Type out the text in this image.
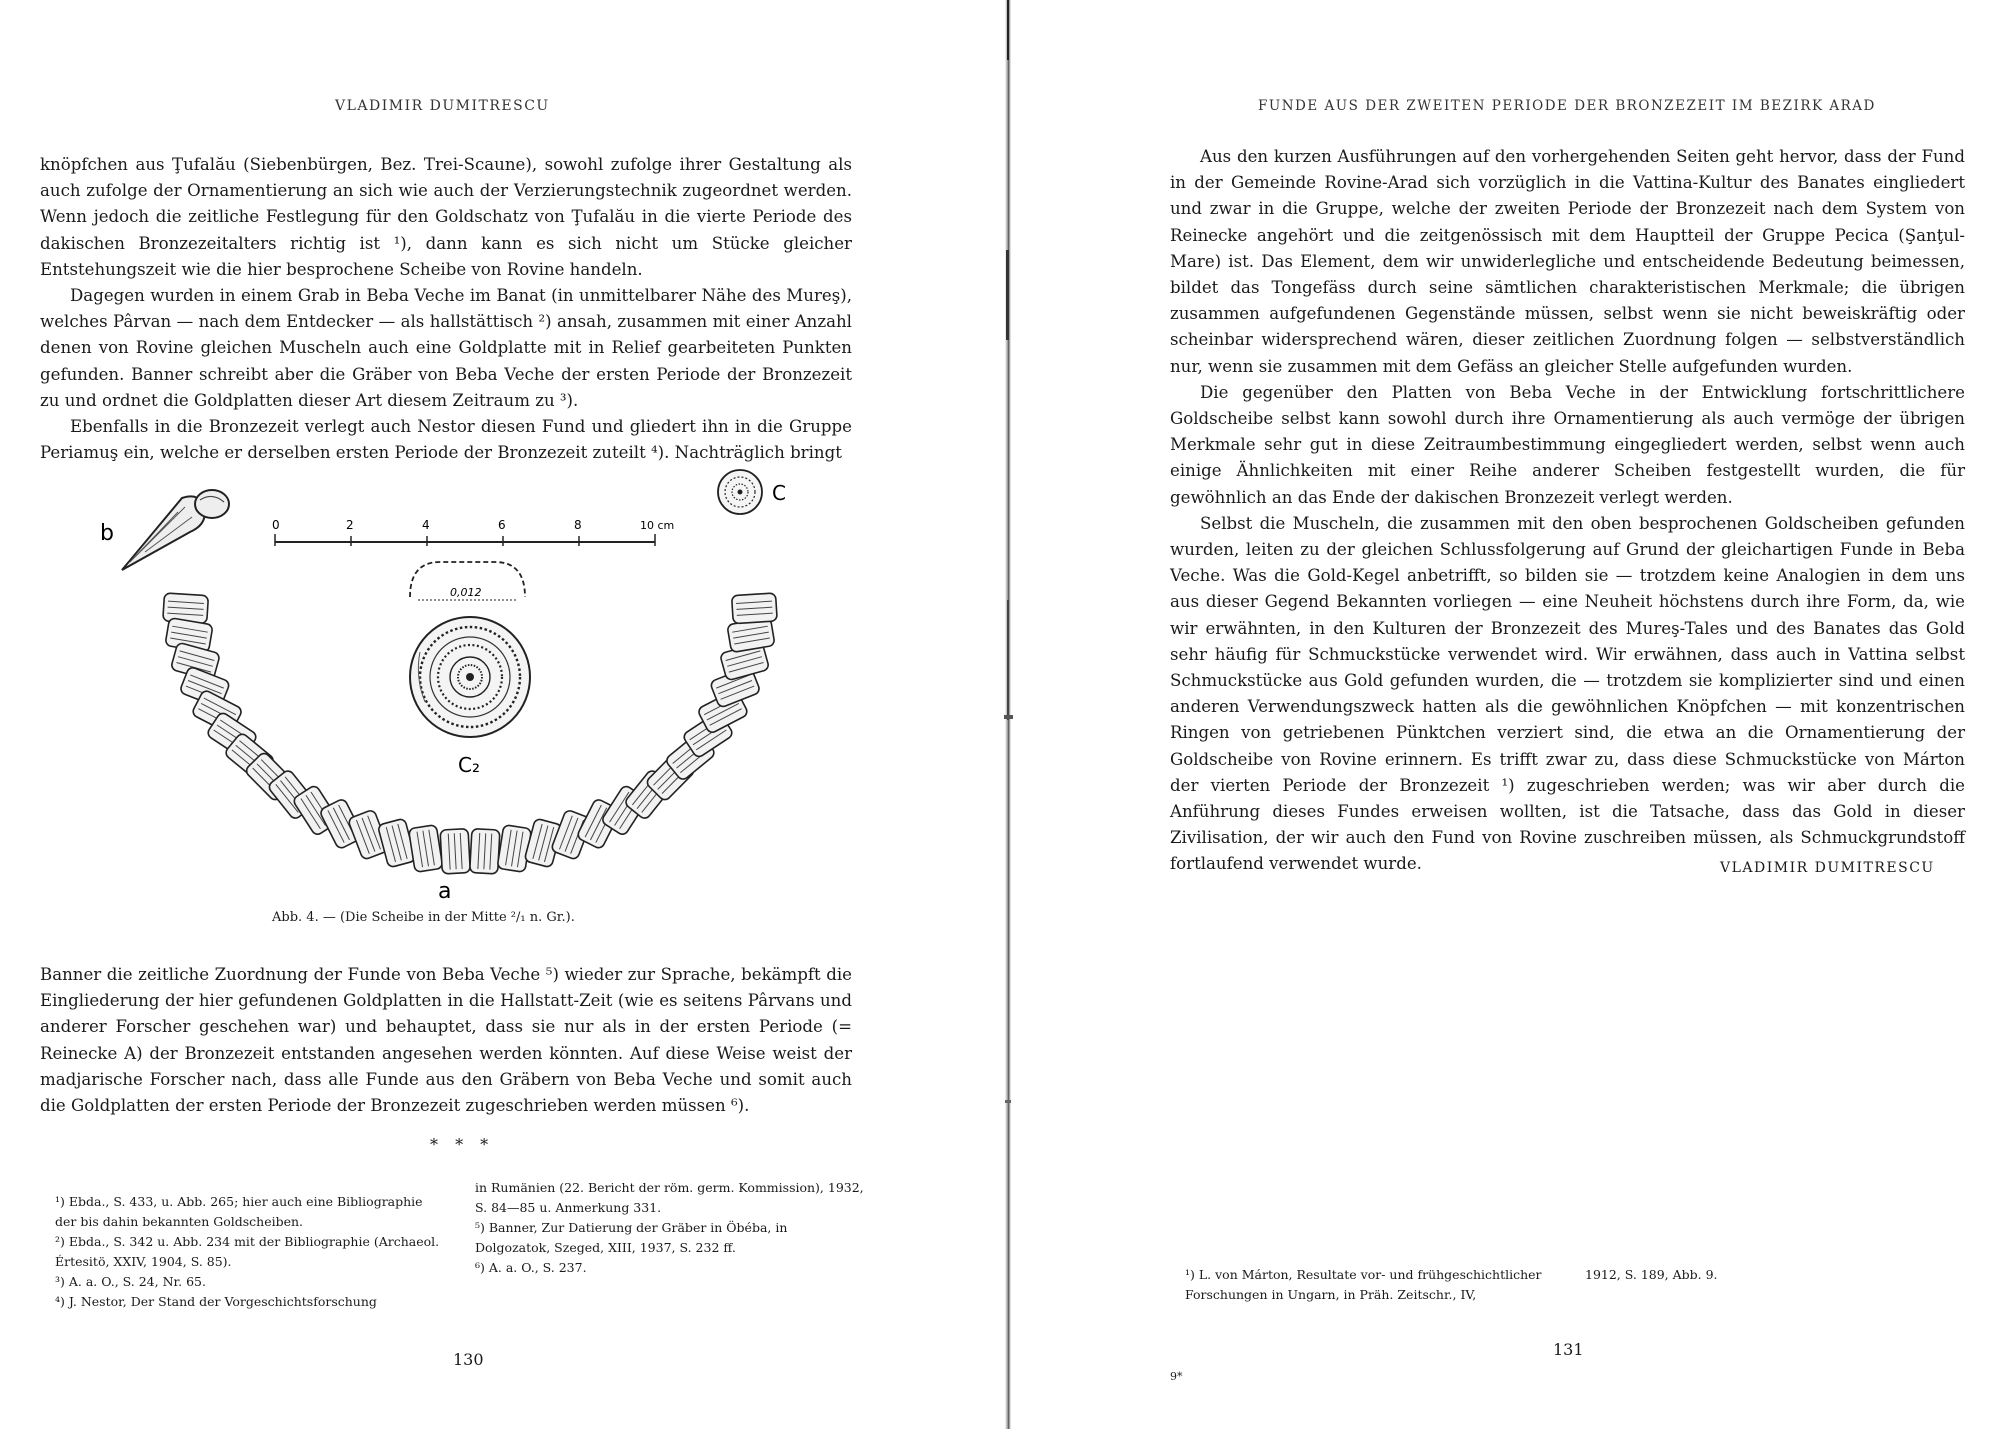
VLADIMIR DUMITRESCU

knöpfchen aus Ţufalău (Siebenbürgen, Bez. Trei-Scaune), sowohl zufolge ihrer Gestaltung als auch zufolge der Ornamentierung an sich wie auch der Verzierungstechnik zugeordnet werden. Wenn jedoch die zeitliche Festlegung für den Goldschatz von Ţufalău in die vierte Periode des dakischen Bronzezeitalters richtig ist ¹), dann kann es sich nicht um Stücke gleicher Entstehungszeit wie die hier besprochene Scheibe von Rovine handeln.

Dagegen wurden in einem Grab in Beba Veche im Banat (in unmittelbarer Nähe des Mureş), welches Pârvan — nach dem Entdecker — als hallstättisch ²) ansah, zusammen mit einer Anzahl denen von Rovine gleichen Muscheln auch eine Goldplatte mit in Relief gearbeiteten Punkten gefunden. Banner schreibt aber die Gräber von Beba Veche der ersten Periode der Bronzezeit zu und ordnet die Goldplatten dieser Art diesem Zeitraum zu ³).

Ebenfalls in die Bronzezeit verlegt auch Nestor diesen Fund und gliedert ihn in die Gruppe Periamuş ein, welche er derselben ersten Periode der Bronzezeit zuteilt ⁴). Nachträglich bringt

0	2	4	6	8	10 cm
0,012
b
C
C₂
a
Abb. 4. — (Die Scheibe in der Mitte ²/₁ n. Gr.).

Banner die zeitliche Zuordnung der Funde von Beba Veche ⁵) wieder zur Sprache, bekämpft die Eingliederung der hier gefundenen Goldplatten in die Hallstatt-Zeit (wie es seitens Pârvans und anderer Forscher geschehen war) und behauptet, dass sie nur als in der ersten Periode (= Reinecke A) der Bronzezeit entstanden angesehen werden könnten. Auf diese Weise weist der madjarische Forscher nach, dass alle Funde aus den Gräbern von Beba Veche und somit auch die Goldplatten der ersten Periode der Bronzezeit zugeschrieben werden müssen ⁶).

* * *

¹) Ebda., S. 433, u. Abb. 265; hier auch eine Bibliographie der bis dahin bekannten Goldscheiben.

²) Ebda., S. 342 u. Abb. 234 mit der Bibliographie (Archaeol. Értesitö, XXIV, 1904, S. 85).

³) A. a. O., S. 24, Nr. 65.

⁴) J. Nestor, Der Stand der Vorgeschichtsforschung

in Rumänien (22. Bericht der röm. germ. Kommission), 1932, S. 84—85 u. Anmerkung 331.

⁵) Banner, Zur Datierung der Gräber in Öbéba, in Dolgozatok, Szeged, XIII, 1937, S. 232 ff.

⁶) A. a. O., S. 237.

130
FUNDE AUS DER ZWEITEN PERIODE DER BRONZEZEIT IM BEZIRK ARAD

Aus den kurzen Ausführungen auf den vorhergehenden Seiten geht hervor, dass der Fund in der Gemeinde Rovine-Arad sich vorzüglich in die Vattina-Kultur des Banates eingliedert und zwar in die Gruppe, welche der zweiten Periode der Bronzezeit nach dem System von Reinecke angehört und die zeitgenössisch mit dem Hauptteil der Gruppe Pecica (Şanţul-Mare) ist. Das Element, dem wir unwiderlegliche und entscheidende Bedeutung beimessen, bildet das Tongefäss durch seine sämtlichen charakteristischen Merkmale; die übrigen zusammen aufgefundenen Gegenstände müssen, selbst wenn sie nicht beweiskräftig oder scheinbar widersprechend wären, dieser zeitlichen Zuordnung folgen — selbstverständlich nur, wenn sie zusammen mit dem Gefäss an gleicher Stelle aufgefunden wurden.

Die gegenüber den Platten von Beba Veche in der Entwicklung fortschrittlichere Goldscheibe selbst kann sowohl durch ihre Ornamentierung als auch vermöge der übrigen Merkmale sehr gut in diese Zeitraumbestimmung eingegliedert werden, selbst wenn auch einige Ähnlichkeiten mit einer Reihe anderer Scheiben festgestellt wurden, die für gewöhnlich an das Ende der dakischen Bronzezeit verlegt werden.

Selbst die Muscheln, die zusammen mit den oben besprochenen Goldscheiben gefunden wurden, leiten zu der gleichen Schlussfolgerung auf Grund der gleichartigen Funde in Beba Veche. Was die Gold-Kegel anbetrifft, so bilden sie — trotzdem keine Analogien in dem uns aus dieser Gegend Bekannten vorliegen — eine Neuheit höchstens durch ihre Form, da, wie wir erwähnten, in den Kulturen der Bronzezeit des Mureş-Tales und des Banates das Gold sehr häufig für Schmuckstücke verwendet wird. Wir erwähnen, dass auch in Vattina selbst Schmuckstücke aus Gold gefunden wurden, die — trotzdem sie komplizierter sind und einen anderen Verwendungszweck hatten als die gewöhnlichen Knöpfchen — mit konzentrischen Ringen von getriebenen Pünktchen verziert sind, die etwa an die Ornamentierung der Goldscheibe von Rovine erinnern. Es trifft zwar zu, dass diese Schmuckstücke von Márton der vierten Periode der Bronzezeit ¹) zugeschrieben werden; was wir aber durch die Anführung dieses Fundes erweisen wollten, ist die Tatsache, dass das Gold in dieser Zivilisation, der wir auch den Fund von Rovine zuschreiben müssen, als Schmuckgrundstoff fortlaufend verwendet wurde.	VLADIMIR DUMITRESCU

¹) L. von Márton, Resultate vor- und frühgeschichtlicher Forschungen in Ungarn, in Präh. Zeitschr., IV,

1912, S. 189, Abb. 9.

131
9*
